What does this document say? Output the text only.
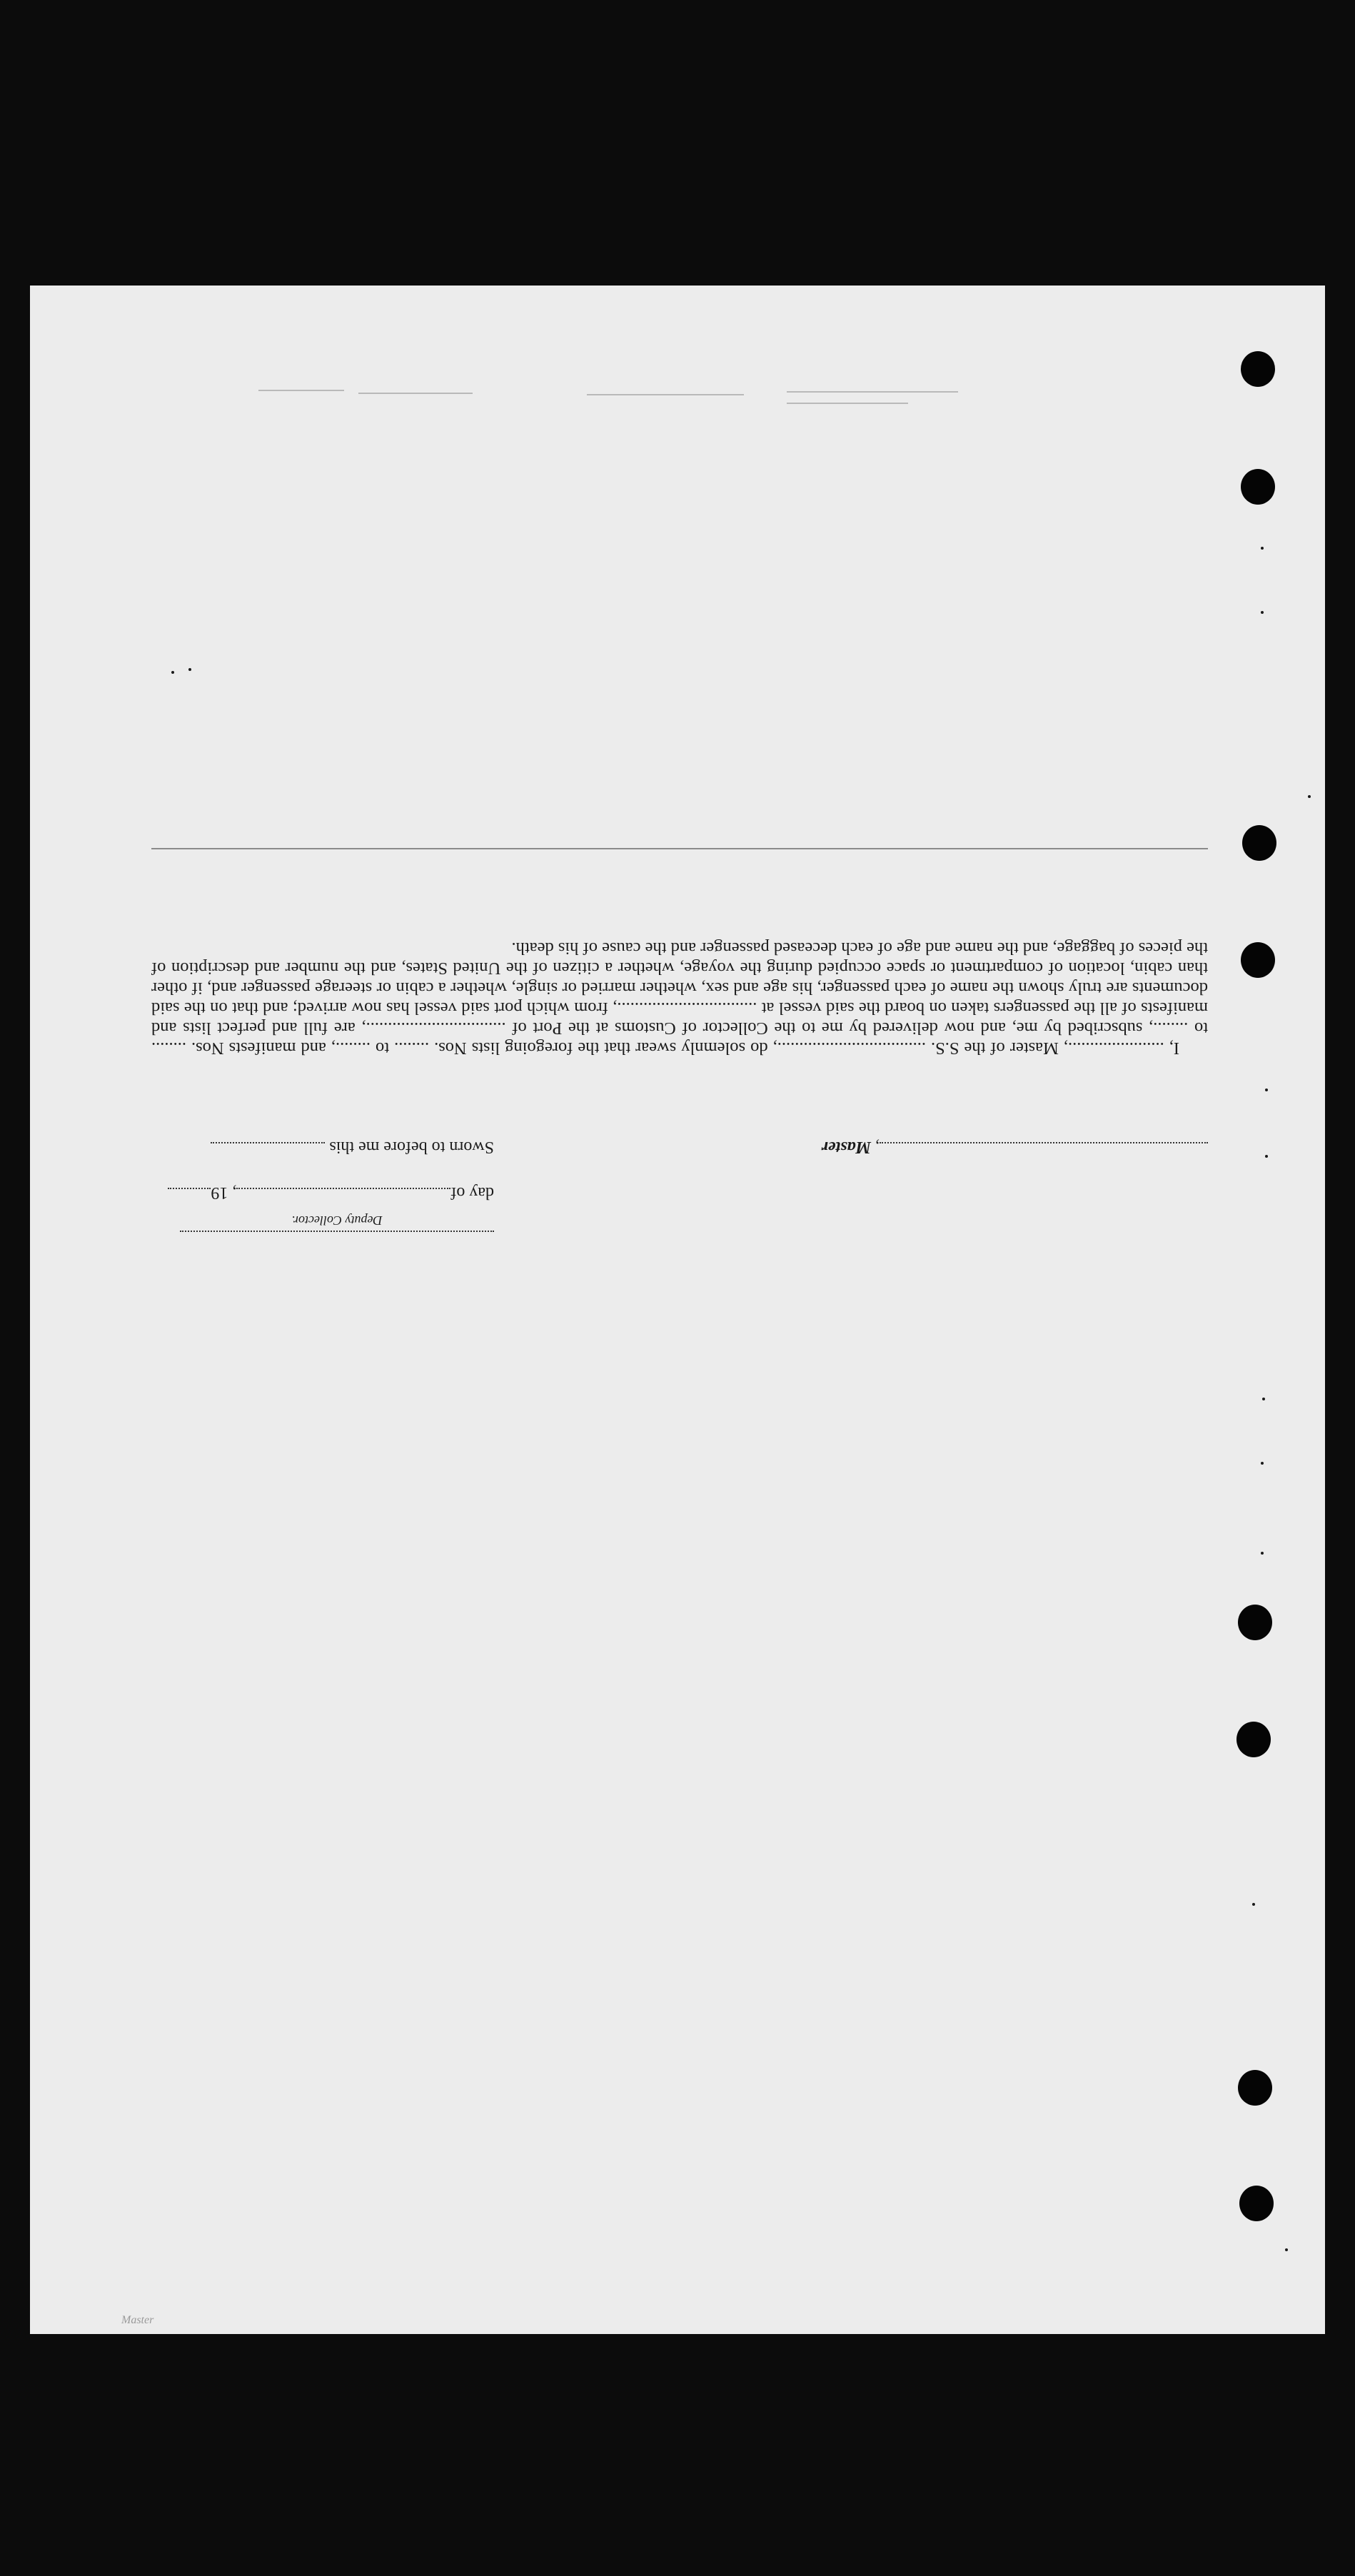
Deputy Collector.
day of, 19
, Master
Sworn to before me this

I, ......................, Master of the S.S. .................................., do solemnly swear that the foregoing lists Nos. ........ to ........, and manifests Nos. ........ to ........, subscribed by me, and now delivered by me to the Collector of Customs at the Port of ................................, are full and perfect lists and manifests of all the passengers taken on board the said vessel at ................................, from which port said vessel has now arrived; and that on the said documents are truly shown the name of each passenger, his age and sex, whether married or single, whether a cabin or steerage passenger and, if other than cabin, location of compartment or space occupied during the voyage, whether a citizen of the United States, and the number and description of the pieces of baggage, and the name and age of each deceased passenger and the cause of his death.

Master
